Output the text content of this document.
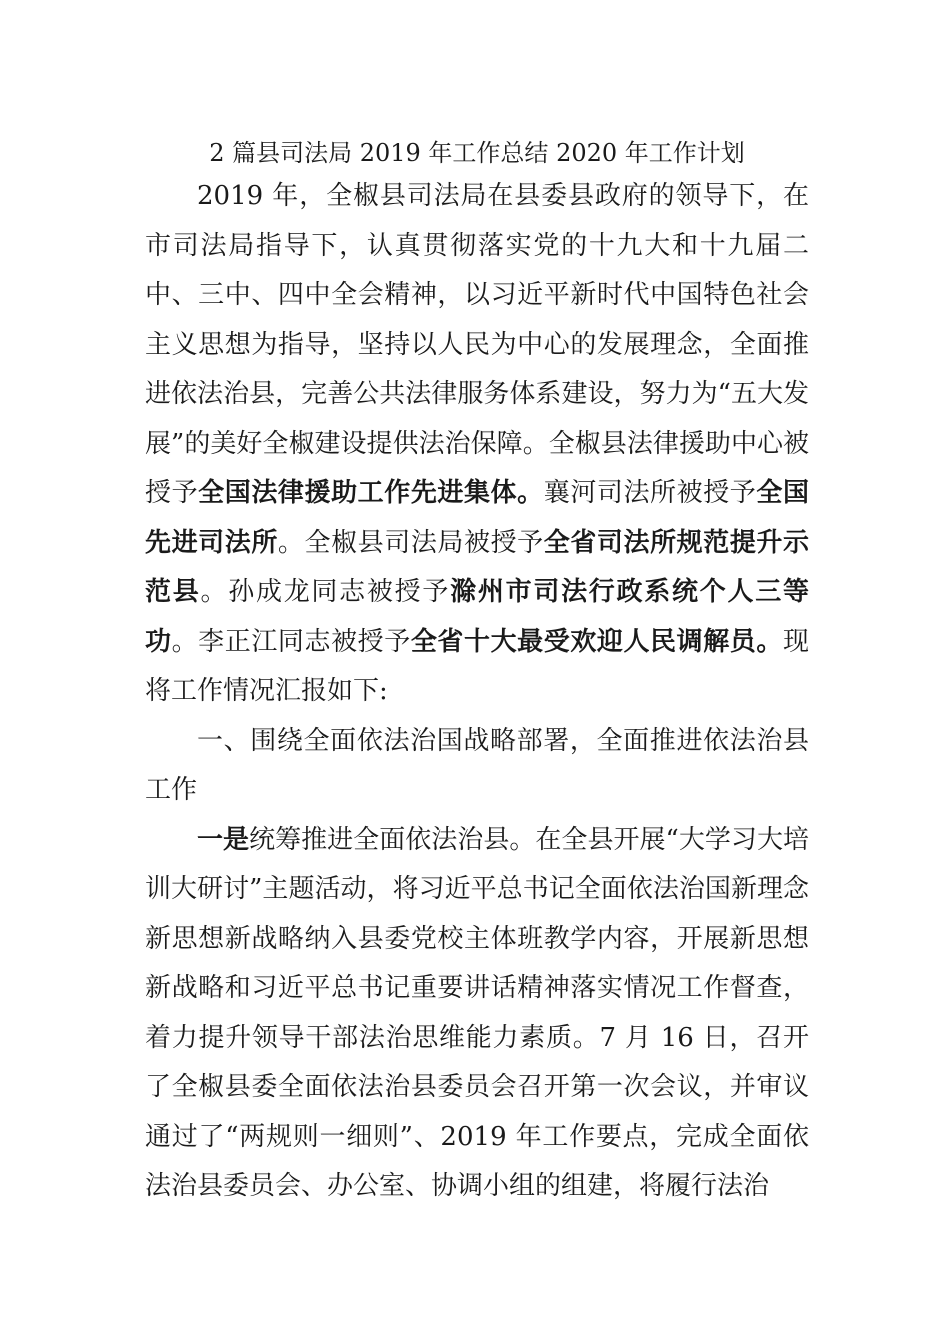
2 篇县司法局 2019 年工作总结 2020 年工作计划

2019 年，全椒县司法局在县委县政府的领导下，在市司法局指导下，认真贯彻落实党的十九大和十九届二中、三中、四中全会精神，以习近平新时代中国特色社会主义思想为指导，坚持以人民为中心的发展理念，全面推进依法治县，完善公共法律服务体系建设，努力为“五大发展”的美好全椒建设提供法治保障。全椒县法律援助中心被授予全国法律援助工作先进集体。襄河司法所被授予全国先进司法所。全椒县司法局被授予全省司法所规范提升示范县。孙成龙同志被授予滁州市司法行政系统个人三等功。李正江同志被授予全省十大最受欢迎人民调解员。现将工作情况汇报如下:

一、围绕全面依法治国战略部署，全面推进依法治县工作

一是统筹推进全面依法治县。在全县开展“大学习大培训大研讨”主题活动，将习近平总书记全面依法治国新理念新思想新战略纳入县委党校主体班教学内容，开展新思想新战略和习近平总书记重要讲话精神落实情况工作督查，着力提升领导干部法治思维能力素质。7 月 16 日，召开了全椒县委全面依法治县委员会召开第一次会议，并审议通过了“两规则一细则”、2019 年工作要点，完成全面依法治县委员会、办公室、协调小组的组建，将履行法治
